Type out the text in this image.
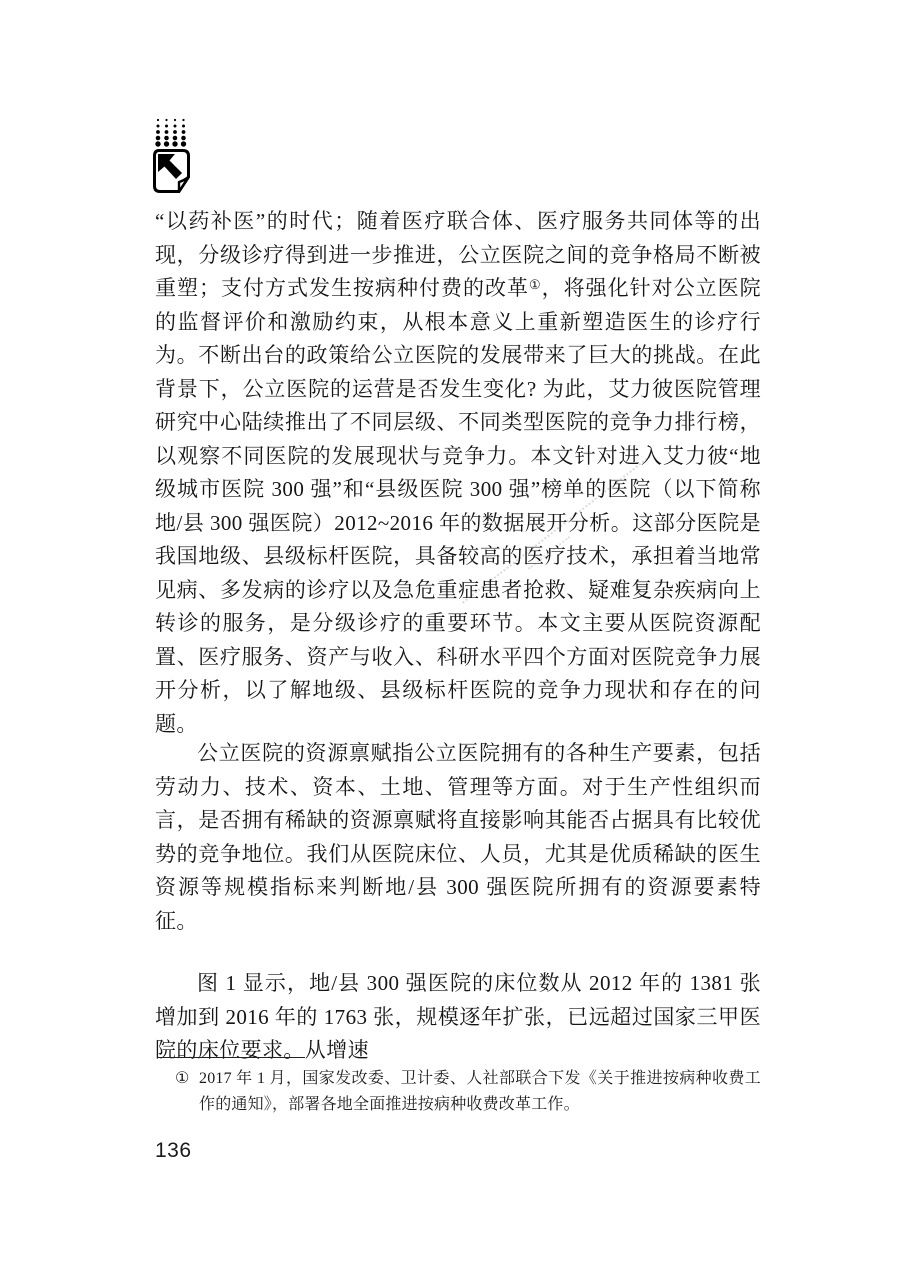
“以药补医”的时代；随着医疗联合体、医疗服务共同体等的出现，分级诊疗得到进一步推进，公立医院之间的竞争格局不断被重塑；支付方式发生按病种付费的改革①，将强化针对公立医院的监督评价和激励约束，从根本意义上重新塑造医生的诊疗行为。不断出台的政策给公立医院的发展带来了巨大的挑战。在此背景下，公立医院的运营是否发生变化? 为此，艾力彼医院管理研究中心陆续推出了不同层级、不同类型医院的竞争力排行榜，以观察不同医院的发展现状与竞争力。本文针对进入艾力彼“地级城市医院 300 强”和“县级医院 300 强”榜单的医院（以下简称地/县 300 强医院）2012~2016 年的数据展开分析。这部分医院是我国地级、县级标杆医院，具备较高的医疗技术，承担着当地常见病、多发病的诊疗以及急危重症患者抢救、疑难复杂疾病向上转诊的服务，是分级诊疗的重要环节。本文主要从医院资源配置、医疗服务、资产与收入、科研水平四个方面对医院竞争力展开分析，以了解地级、县级标杆医院的竞争力现状和存在的问题。

公立医院的资源禀赋指公立医院拥有的各种生产要素，包括劳动力、技术、资本、土地、管理等方面。对于生产性组织而言，是否拥有稀缺的资源禀赋将直接影响其能否占据具有比较优势的竞争地位。我们从医院床位、人员，尤其是优质稀缺的医生资源等规模指标来判断地/县 300 强医院所拥有的资源要素特征。

图 1 显示，地/县 300 强医院的床位数从 2012 年的 1381 张增加到 2016 年的 1763 张，规模逐年扩张，已远超过国家三甲医院的床位要求。从增速

① 2017 年 1 月，国家发改委、卫计委、人社部联合下发《关于推进按病种收费工作的通知》，部署各地全面推进按病种收费改革工作。
136
